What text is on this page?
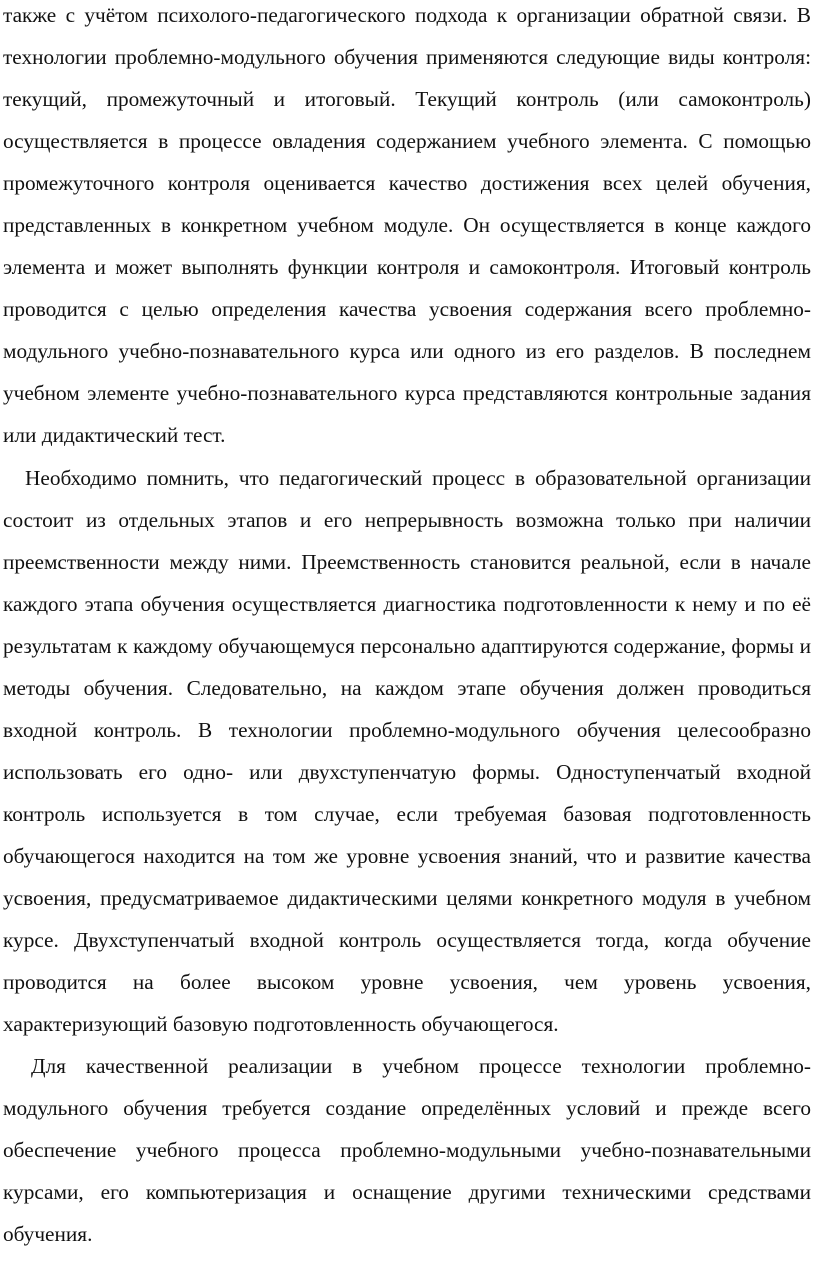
также с учётом психолого-педагогического подхода к организации обратной связи. В технологии проблемно-модульного обучения применяются следующие виды контроля: текущий, промежуточный и итоговый. Текущий контроль (или самоконтроль) осуществляется в процессе овладения содержанием учебного элемента. С помощью промежуточного контроля оценивается качество достижения всех целей обучения, представленных в конкретном учебном модуле. Он осуществляется в конце каждого элемента и может выполнять функции контроля и самоконтроля. Итоговый контроль проводится с целью определения качества усвоения содержания всего проблемно-модульного учебно-познавательного курса или одного из его разделов. В последнем учебном элементе учебно-познавательного курса представляются контрольные задания или дидактический тест.

Необходимо помнить, что педагогический процесс в образовательной организации состоит из отдельных этапов и его непрерывность возможна только при наличии преемственности между ними. Преемственность становится реальной, если в начале каждого этапа обучения осуществляется диагностика подготовленности к нему и по её результатам к каждому обучающемуся персонально адаптируются содержание, формы и методы обучения. Следовательно, на каждом этапе обучения должен проводиться входной контроль. В технологии проблемно-модульного обучения целесообразно использовать его одно- или двухступенчатую формы. Одноступенчатый входной контроль используется в том случае, если требуемая базовая подготовленность обучающегося находится на том же уровне усвоения знаний, что и развитие качества усвоения, предусматриваемое дидактическими целями конкретного модуля в учебном курсе. Двухступенчатый входной контроль осуществляется тогда, когда обучение проводится на более высоком уровне усвоения, чем уровень усвоения, характеризующий базовую подготовленность обучающегося.

Для качественной реализации в учебном процессе технологии проблемно-модульного обучения требуется создание определённых условий и прежде всего обеспечение учебного процесса проблемно-модульными учебно-познавательными курсами, его компьютеризация и оснащение другими техническими средствами обучения.
